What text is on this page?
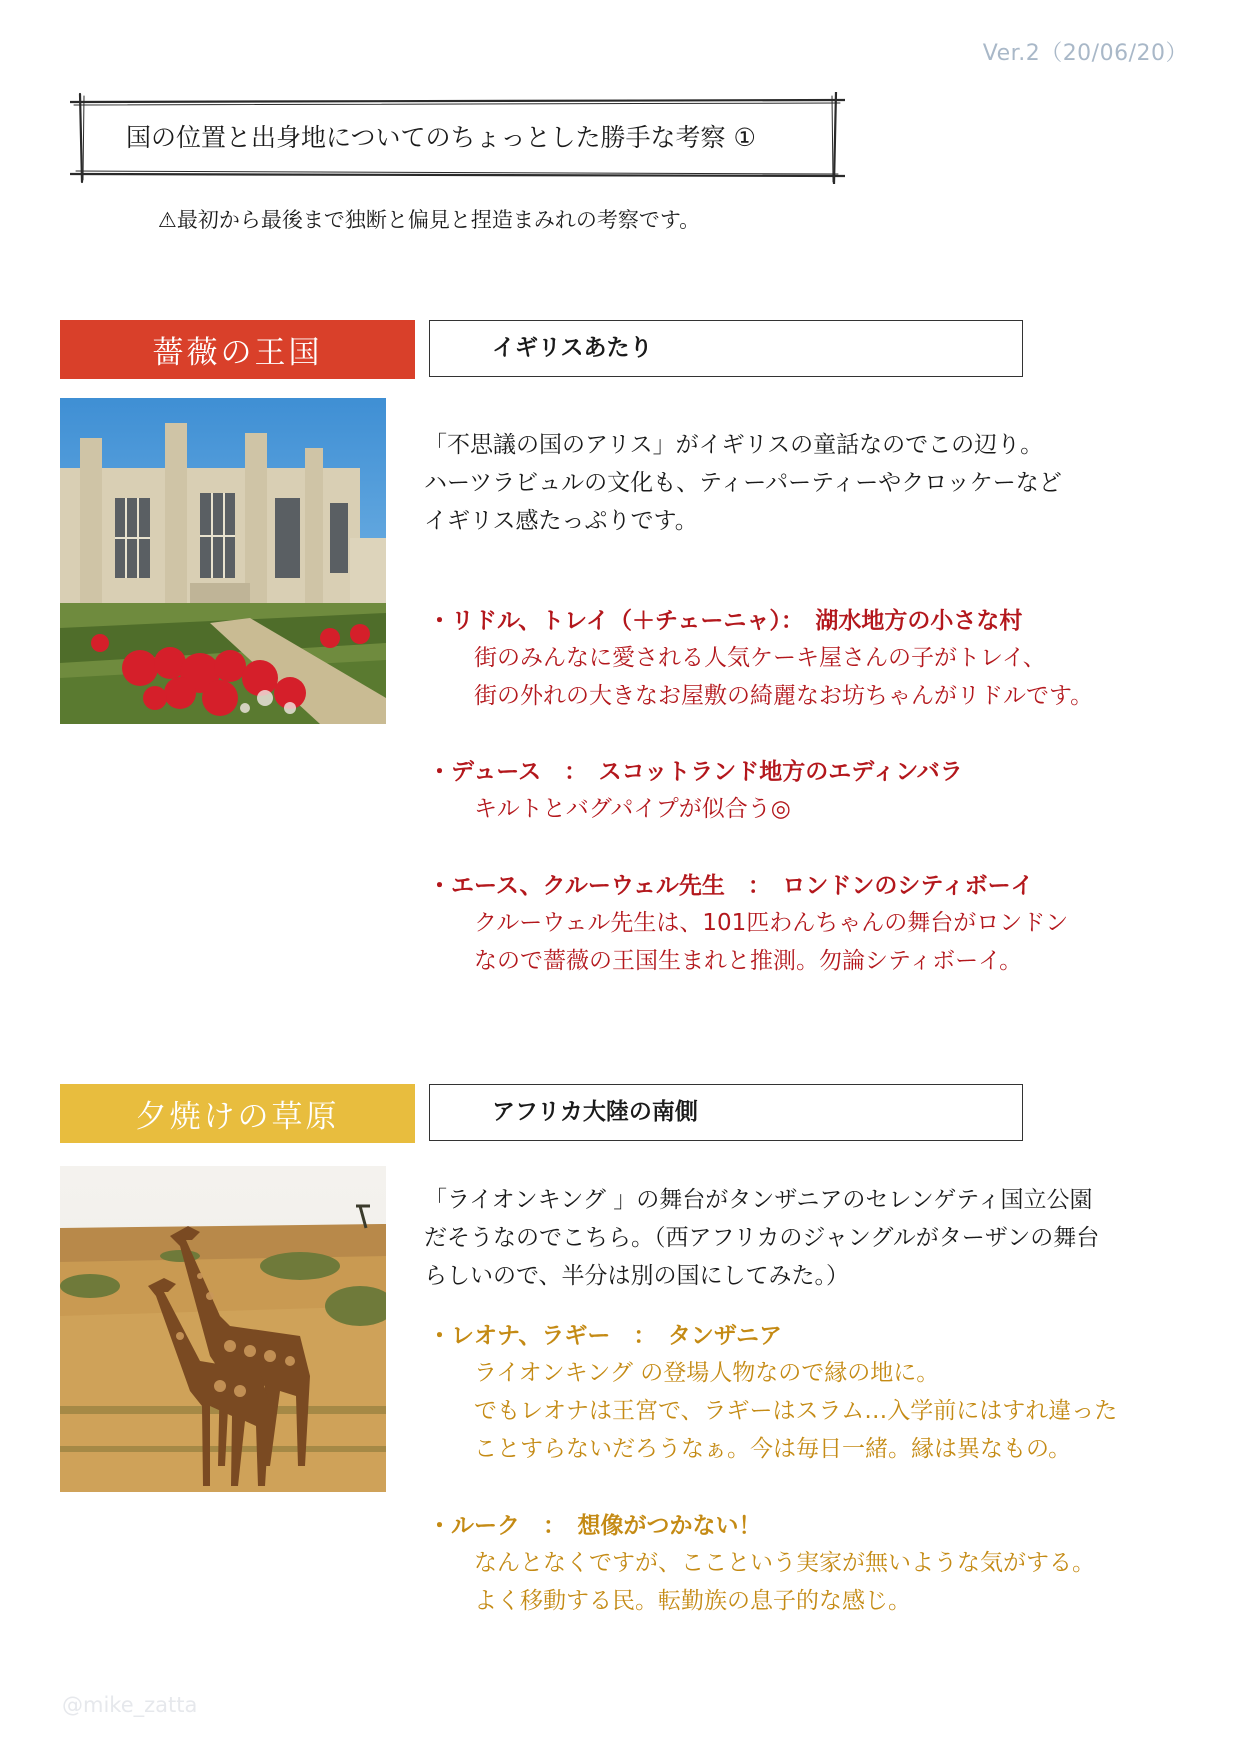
Ver.2（20/06/20）
国の位置と出身地についてのちょっとした勝手な考察 ①
⚠︎最初から最後まで独断と偏見と捏造まみれの考察です。
薔薇の王国	イギリスあたり
「不思議の国のアリス」がイギリスの童話なのでこの辺り。
ハーツラビュルの文化も、ティーパーティーやクロッケーなど
イギリス感たっぷりです。
・リドル、トレイ（＋チェーニャ）：　湖水地方の小さな村
街のみんなに愛される人気ケーキ屋さんの子がトレイ、
街の外れの大きなお屋敷の綺麗なお坊ちゃんがリドルです。
・デュース　：　スコットランド地方のエディンバラ
キルトとバグパイプが似合う◎
・エース、クルーウェル先生　：　ロンドンのシティボーイ
クルーウェル先生は、101匹わんちゃんの舞台がロンドン
なので薔薇の王国生まれと推測。勿論シティボーイ。
夕焼けの草原	アフリカ大陸の南側
「ライオンキング 」の舞台がタンザニアのセレンゲティ国立公園
だそうなのでこちら。（西アフリカのジャングルがターザンの舞台
らしいので、半分は別の国にしてみた。）
・レオナ、ラギー　：　タンザニア
ライオンキング の登場人物なので縁の地に。
でもレオナは王宮で、ラギーはスラム…入学前にはすれ違った
ことすらないだろうなぁ。今は毎日一緒。縁は異なもの。
・ルーク　：　想像がつかない！
なんとなくですが、ここという実家が無いような気がする。
よく移動する民。転勤族の息子的な感じ。
@mike_zatta
